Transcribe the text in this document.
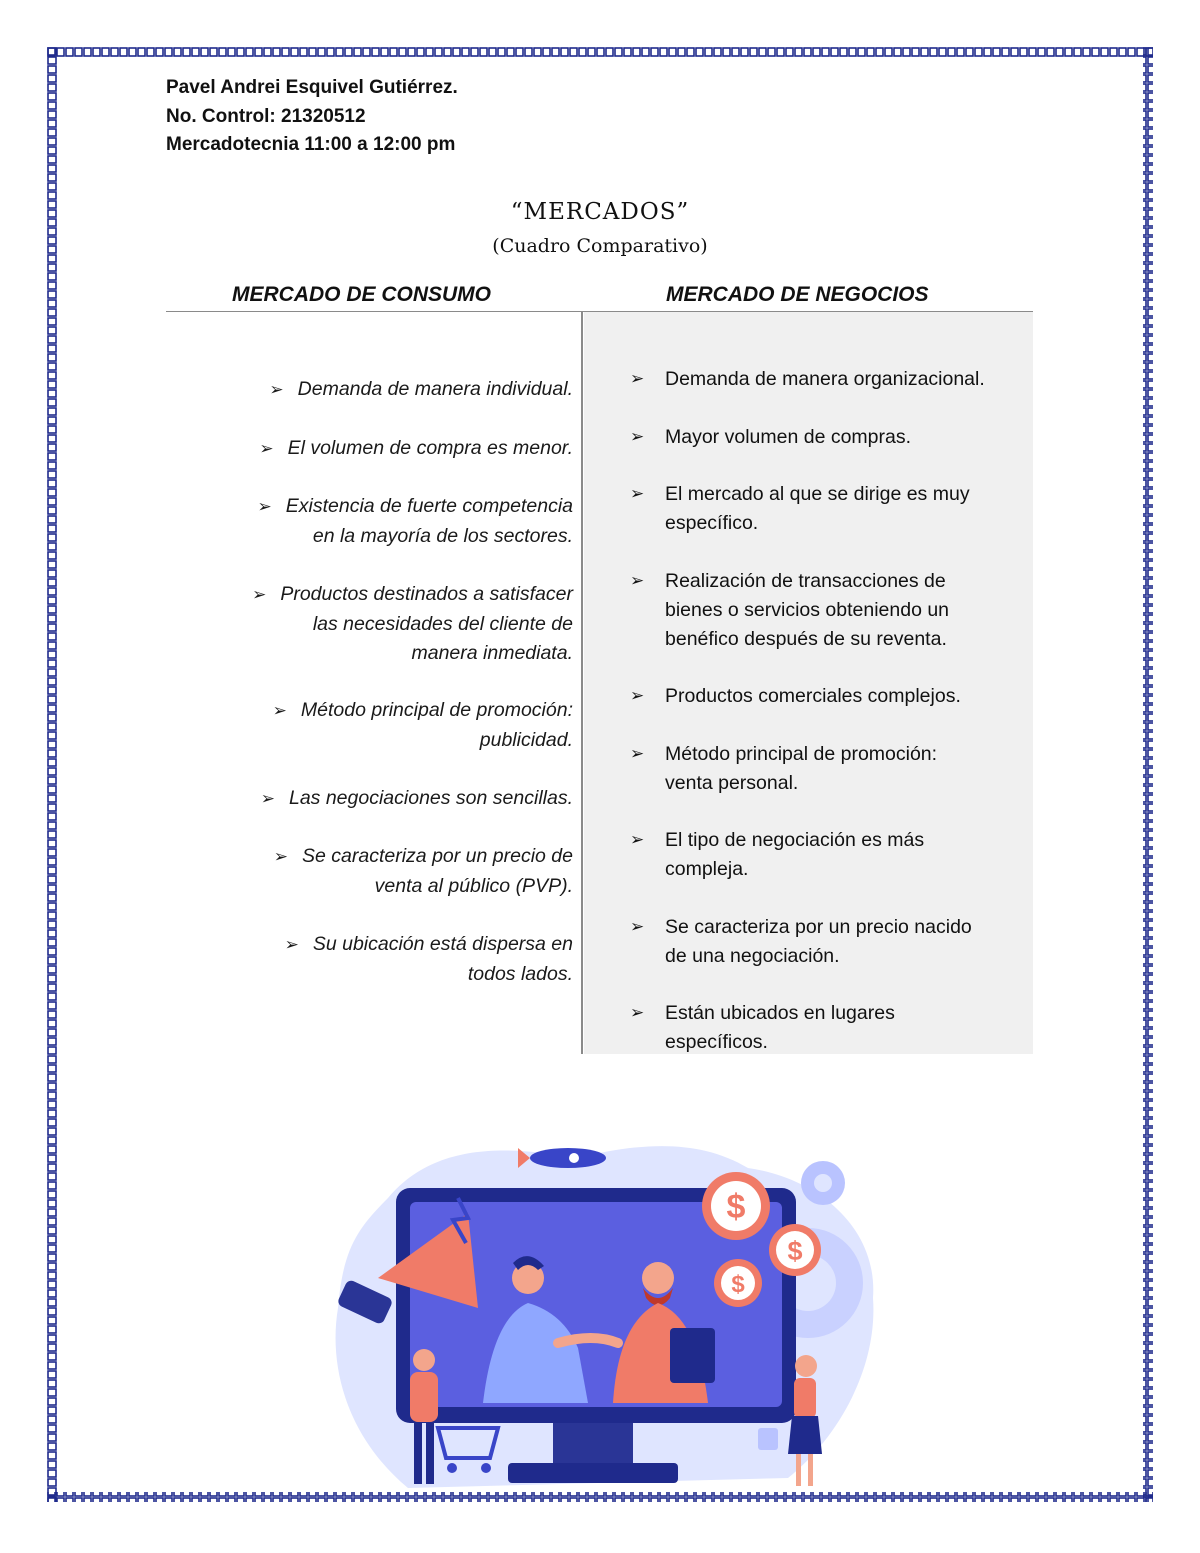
Pavel Andrei Esquivel Gutiérrez.
No. Control: 21320512
Mercadotecnia 11:00 a 12:00 pm
“MERCADOS”
(Cuadro Comparativo)
MERCADO DE CONSUMO	MERCADO DE NEGOCIOS
➢ Demanda de manera individual.
➢ El volumen de compra es menor.
➢ Existencia de fuerte competencia
en la mayoría de los sectores.
➢ Productos destinados a satisfacer
las necesidades del cliente de
manera inmediata.
➢ Método principal de promoción:
publicidad.
➢ Las negociaciones son sencillas.
➢ Se caracteriza por un precio de
venta al público (PVP).
➢ Su ubicación está dispersa en
todos lados.
➢ Demanda de manera organizacional.
➢ Mayor volumen de compras.
➢ El mercado al que se dirige es muy
específico.
➢ Realización de transacciones de
bienes o servicios obteniendo un
benéfico después de su reventa.
➢ Productos comerciales complejos.
➢ Método principal de promoción:
venta personal.
➢ El tipo de negociación es más
compleja.
➢ Se caracteriza por un precio nacido
de una negociación.
➢ Están ubicados en lugares
específicos.
$
$
$
